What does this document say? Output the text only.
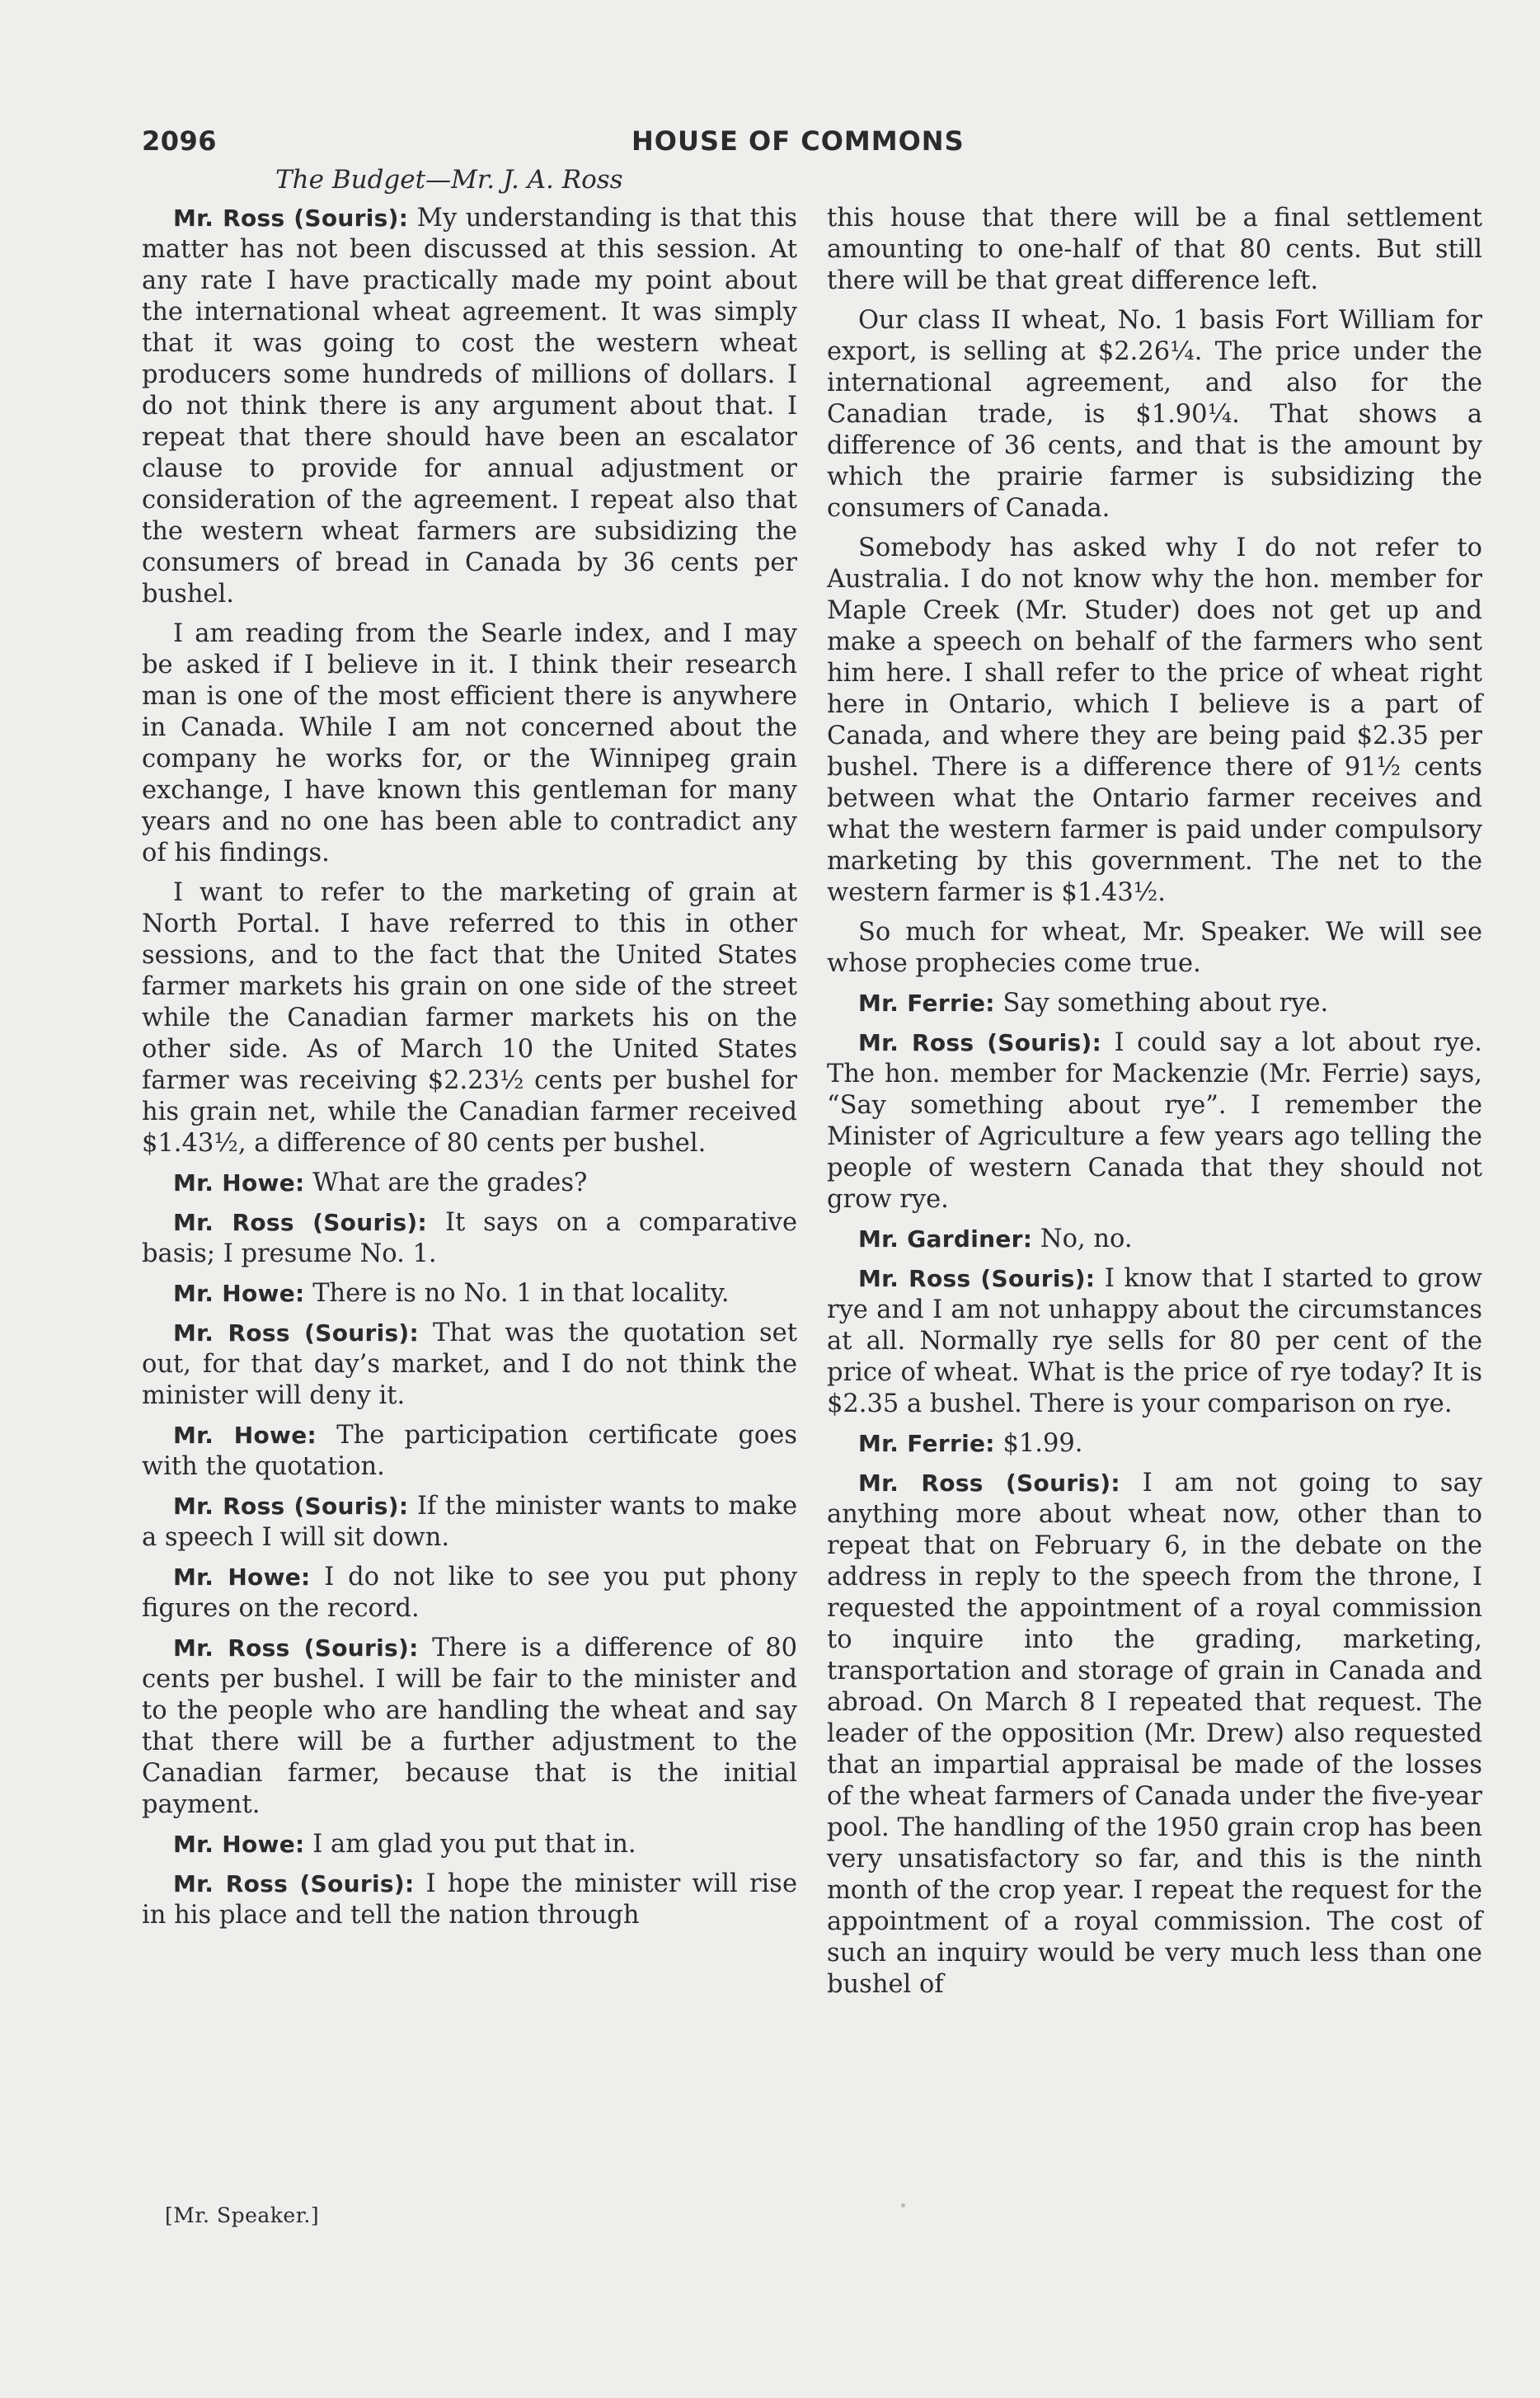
2096	HOUSE OF COMMONS
The Budget—Mr. J. A. Ross

Mr. Ross (Souris): My understanding is that this matter has not been discussed at this session. At any rate I have practically made my point about the international wheat agreement. It was simply that it was going to cost the western wheat producers some hundreds of millions of dollars. I do not think there is any argument about that. I repeat that there should have been an escalator clause to provide for annual adjustment or consideration of the agreement. I repeat also that the western wheat farmers are subsidizing the consumers of bread in Canada by 36 cents per bushel.

I am reading from the Searle index, and I may be asked if I believe in it. I think their research man is one of the most efficient there is anywhere in Canada. While I am not concerned about the company he works for, or the Winnipeg grain exchange, I have known this gentleman for many years and no one has been able to contradict any of his findings.

I want to refer to the marketing of grain at North Portal. I have referred to this in other sessions, and to the fact that the United States farmer markets his grain on one side of the street while the Canadian farmer markets his on the other side. As of March 10 the United States farmer was receiving $2.23½ cents per bushel for his grain net, while the Canadian farmer received $1.43½, a difference of 80 cents per bushel.

Mr. Howe: What are the grades?

Mr. Ross (Souris): It says on a comparative basis; I presume No. 1.

Mr. Howe: There is no No. 1 in that locality.

Mr. Ross (Souris): That was the quotation set out, for that day’s market, and I do not think the minister will deny it.

Mr. Howe: The participation certificate goes with the quotation.

Mr. Ross (Souris): If the minister wants to make a speech I will sit down.

Mr. Howe: I do not like to see you put phony figures on the record.

Mr. Ross (Souris): There is a difference of 80 cents per bushel. I will be fair to the minister and to the people who are handling the wheat and say that there will be a further adjustment to the Canadian farmer, because that is the initial payment.

Mr. Howe: I am glad you put that in.

Mr. Ross (Souris): I hope the minister will rise in his place and tell the nation through

this house that there will be a final settlement amounting to one-half of that 80 cents. But still there will be that great difference left.

Our class II wheat, No. 1 basis Fort William for export, is selling at $2.26¼. The price under the international agreement, and also for the Canadian trade, is $1.90¼. That shows a difference of 36 cents, and that is the amount by which the prairie farmer is subsidizing the consumers of Canada.

Somebody has asked why I do not refer to Australia. I do not know why the hon. member for Maple Creek (Mr. Studer) does not get up and make a speech on behalf of the farmers who sent him here. I shall refer to the price of wheat right here in Ontario, which I believe is a part of Canada, and where they are being paid $2.35 per bushel. There is a difference there of 91½ cents between what the Ontario farmer receives and what the western farmer is paid under compulsory marketing by this government. The net to the western farmer is $1.43½.

So much for wheat, Mr. Speaker. We will see whose prophecies come true.

Mr. Ferrie: Say something about rye.

Mr. Ross (Souris): I could say a lot about rye. The hon. member for Mackenzie (Mr. Ferrie) says, “Say something about rye”. I remember the Minister of Agriculture a few years ago telling the people of western Canada that they should not grow rye.

Mr. Gardiner: No, no.

Mr. Ross (Souris): I know that I started to grow rye and I am not unhappy about the circumstances at all. Normally rye sells for 80 per cent of the price of wheat. What is the price of rye today? It is $2.35 a bushel. There is your comparison on rye.

Mr. Ferrie: $1.99.

Mr. Ross (Souris): I am not going to say anything more about wheat now, other than to repeat that on February 6, in the debate on the address in reply to the speech from the throne, I requested the appointment of a royal commission to inquire into the grading, marketing, transportation and storage of grain in Canada and abroad. On March 8 I repeated that request. The leader of the opposition (Mr. Drew) also requested that an impartial appraisal be made of the losses of the wheat farmers of Canada under the five-year pool. The handling of the 1950 grain crop has been very unsatisfactory so far, and this is the ninth month of the crop year. I repeat the request for the appointment of a royal commission. The cost of such an inquiry would be very much less than one bushel of

[Mr. Speaker.]
